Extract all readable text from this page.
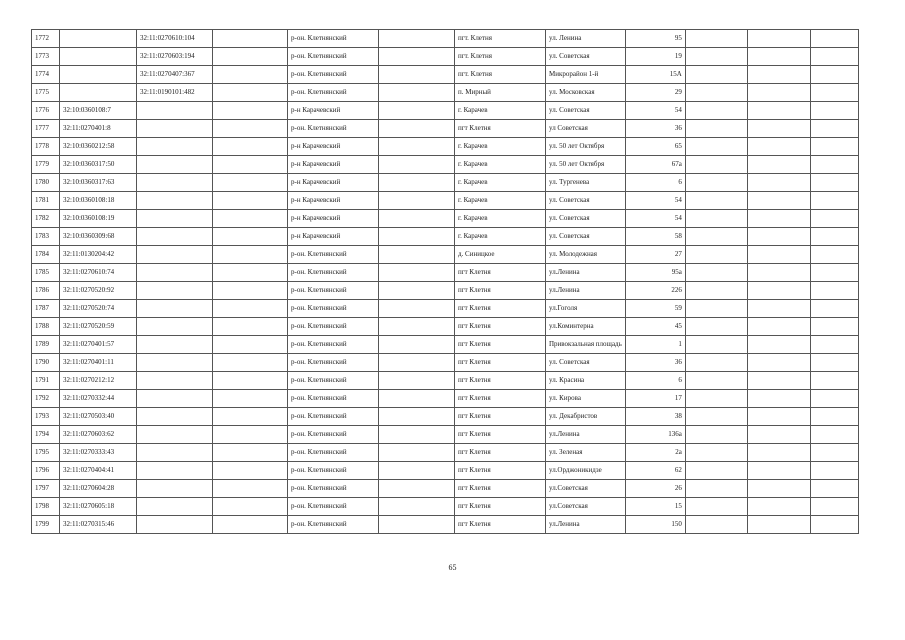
1772		32:11:0270610:104		р-он. Клетнянский		пгт. Клетня	ул. Ленина	95			
1773		32:11:0270603:194		р-он. Клетнянский		пгт. Клетня	ул. Советская	19			
1774		32:11:0270407:367		р-он. Клетнянский		пгт. Клетня	Микрорайон 1-й	15А			
1775		32:11:0190101:482		р-он. Клетнянский		п. Мирный	ул. Московская	29			
1776	32:10:0360108:7			р-н Карачевский		г. Карачев	ул. Советская	54			
1777	32:11:0270401:8			р-он. Клетнянский		пгт Клетня	ул Советская	36			
1778	32:10:0360212:58			р-н Карачевский		г. Карачев	ул. 50 лет Октября	65			
1779	32:10:0360317:50			р-н Карачевский		г. Карачев	ул. 50 лет Октября	67а			
1780	32:10:0360317:63			р-н Карачевский		г. Карачев	ул. Тургенева	6			
1781	32:10:0360108:18			р-н Карачевский		г. Карачев	ул. Советская	54			
1782	32:10:0360108:19			р-н Карачевский		г. Карачев	ул. Советская	54			
1783	32:10:0360309:68			р-н Карачевский		г. Карачев	ул. Советская	58			
1784	32:11:0130204:42			р-он. Клетнянский		д. Синицкое	ул. Молодежная	27			
1785	32:11:0270610:74			р-он. Клетнянский		пгт Клетня	ул.Ленина	95а			
1786	32:11:0270520:92			р-он. Клетнянский		пгт Клетня	ул.Ленина	226			
1787	32:11:0270520:74			р-он. Клетнянский		пгт Клетня	ул.Гоголя	59			
1788	32:11:0270520:59			р-он. Клетнянский		пгт Клетня	ул.Коминтерна	45			
1789	32:11:0270401:57			р-он. Клетнянский		пгт Клетня	Привокзальная площадь	1			
1790	32:11:0270401:11			р-он. Клетнянский		пгт Клетня	ул. Советская	36			
1791	32:11:0270212:12			р-он. Клетнянский		пгт Клетня	ул. Красина	6			
1792	32:11:0270332:44			р-он. Клетнянский		пгт Клетня	ул. Кирова	17			
1793	32:11:0270503:40			р-он. Клетнянский		пгт Клетня	ул. Декабристов	38			
1794	32:11:0270603:62			р-он. Клетнянский		пгт Клетня	ул.Ленина	136а			
1795	32:11:0270333:43			р-он. Клетнянский		пгт Клетня	ул. Зеленая	2а			
1796	32:11:0270404:41			р-он. Клетнянский		пгт Клетня	ул.Орджоникидзе	62			
1797	32:11:0270604:28			р-он. Клетнянский		пгт Клетня	ул.Советская	26			
1798	32:11:0270605:18			р-он. Клетнянский		пгт Клетня	ул.Советская	15			
1799	32:11:0270315:46			р-он. Клетнянский		пгт Клетня	ул.Ленина	150			
65
